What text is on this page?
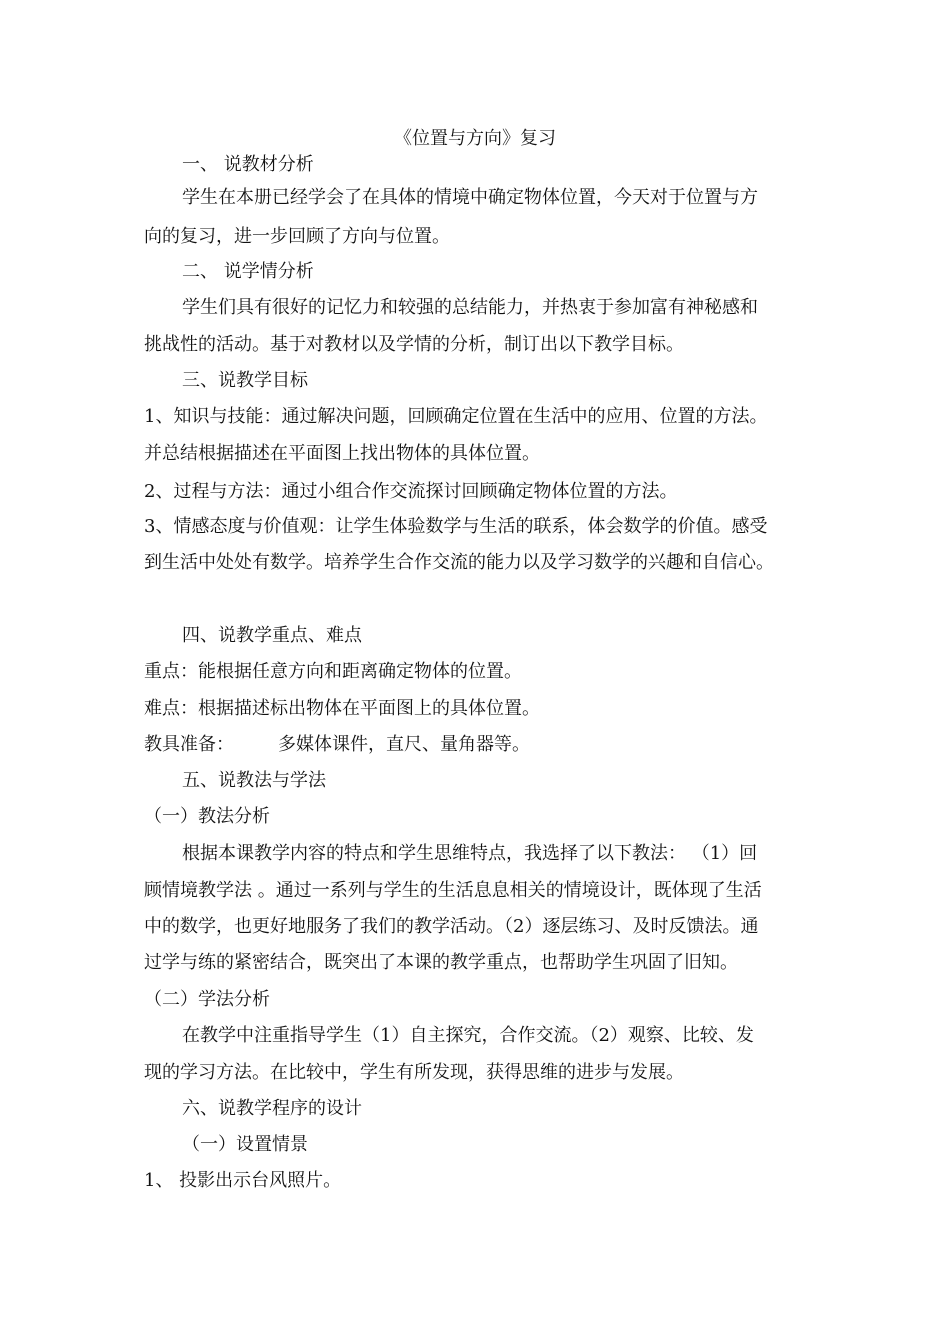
《位置与方向》复习
一、 说教材分析
学生在本册已经学会了在具体的情境中确定物体位置，今天对于位置与方
向的复习，进一步回顾了方向与位置。
二、 说学情分析
学生们具有很好的记忆力和较强的总结能力，并热衷于参加富有神秘感和
挑战性的活动。基于对教材以及学情的分析，制订出以下教学目标。
三、说教学目标
1、知识与技能：通过解决问题，回顾确定位置在生活中的应用、位置的方法。
并总结根据描述在平面图上找出物体的具体位置。
2、过程与方法：通过小组合作交流探讨回顾确定物体位置的方法。
3、情感态度与价值观：让学生体验数学与生活的联系，体会数学的价值。感受
到生活中处处有数学。培养学生合作交流的能力以及学习数学的兴趣和自信心。
四、说教学重点、难点
重点：能根据任意方向和距离确定物体的位置。
难点：根据描述标出物体在平面图上的具体位置。
教具准备： 多媒体课件，直尺、量角器等。
五、说教法与学法
（一）教法分析
根据本课教学内容的特点和学生思维特点，我选择了以下教法： （1）回
顾情境教学法 。通过一系列与学生的生活息息相关的情境设计，既体现了生活
中的数学，也更好地服务了我们的教学活动。（2）逐层练习、及时反馈法。通
过学与练的紧密结合，既突出了本课的教学重点，也帮助学生巩固了旧知。
（二）学法分析
在教学中注重指导学生（1）自主探究，合作交流。（2）观察、比较、发
现的学习方法。在比较中，学生有所发现，获得思维的进步与发展。
六、说教学程序的设计
（一）设置情景
1、 投影出示台风照片。
